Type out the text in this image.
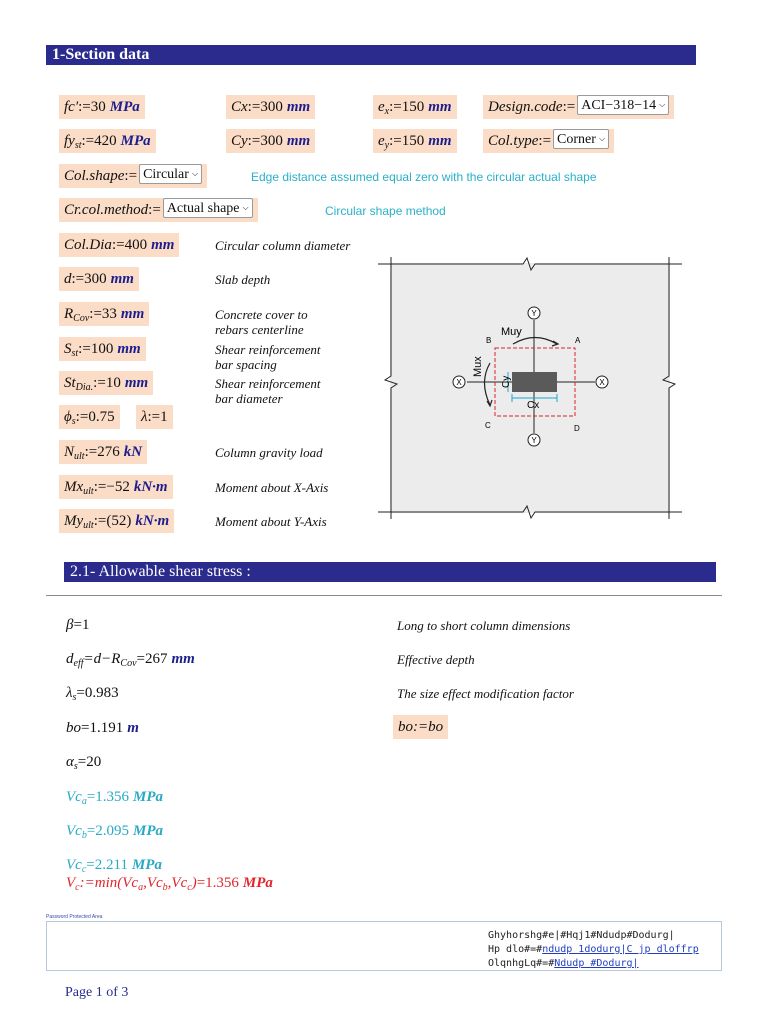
1-Section data
fc′:=30 MPa	Cx:=300 mm	$e_x:=150$ mm	Design.code:= ACI−318−14 ⌵
$fy_{st}:=420$ MPa	Cy:=300 mm	$e_y:=150$ mm	Col.type:= Corner ⌵
Col.shape:= Circular ⌵	Edge distance assumed equal zero with the circular actual shape
Cr.col.method:= Actual shape ⌵	Circular shape method
Col.Dia:=400 mm	Circular column diameter
d:=300 mm	Slab depth
$R_{Cov}:=33$ mm	Concrete cover to
rebars centerline
$S_{st}:=100$ mm	Shear reinforcement
bar spacing
$St_{Dia.}:=10$ mm	Shear reinforcement
bar diameter
$\phi_s:=0.75$	λ:=1
$N_{ult}:=276$ kN	Column gravity load
$Mx_{ult}:=-52$ kN·m	Moment about X-Axis
$My_{ult}:=(52)$ kN·m	Moment about Y-Axis
Y
Y
X	X
Muy
Mux
Cy
Cx
A
B
C	D
2.1- Allowable shear stress :
β=1	Long to short column dimensions
$d_{eff}=d-R_{Cov}=267$ mm	Effective depth
$\lambda_s=0.983$	The size effect modification factor
bo=1.191 m	bo:=bo
$\alpha_s=20$
$Vc_a=1.356$ MPa
$Vc_b=2.095$ MPa
$Vc_c=2.211$ MPa
$V_c:=\min(Vc_a,Vc_b,Vc_c)=1.356$ MPa
Password Protected Area
Ghyhorshg#e|#Hqj1#Ndudp#Dodurg|
Hp dlo#=#ndudp 1dodurg|C jp dloffrp
OlqnhgLq#=#Ndudp #Dodurg|
Page 1 of 3
